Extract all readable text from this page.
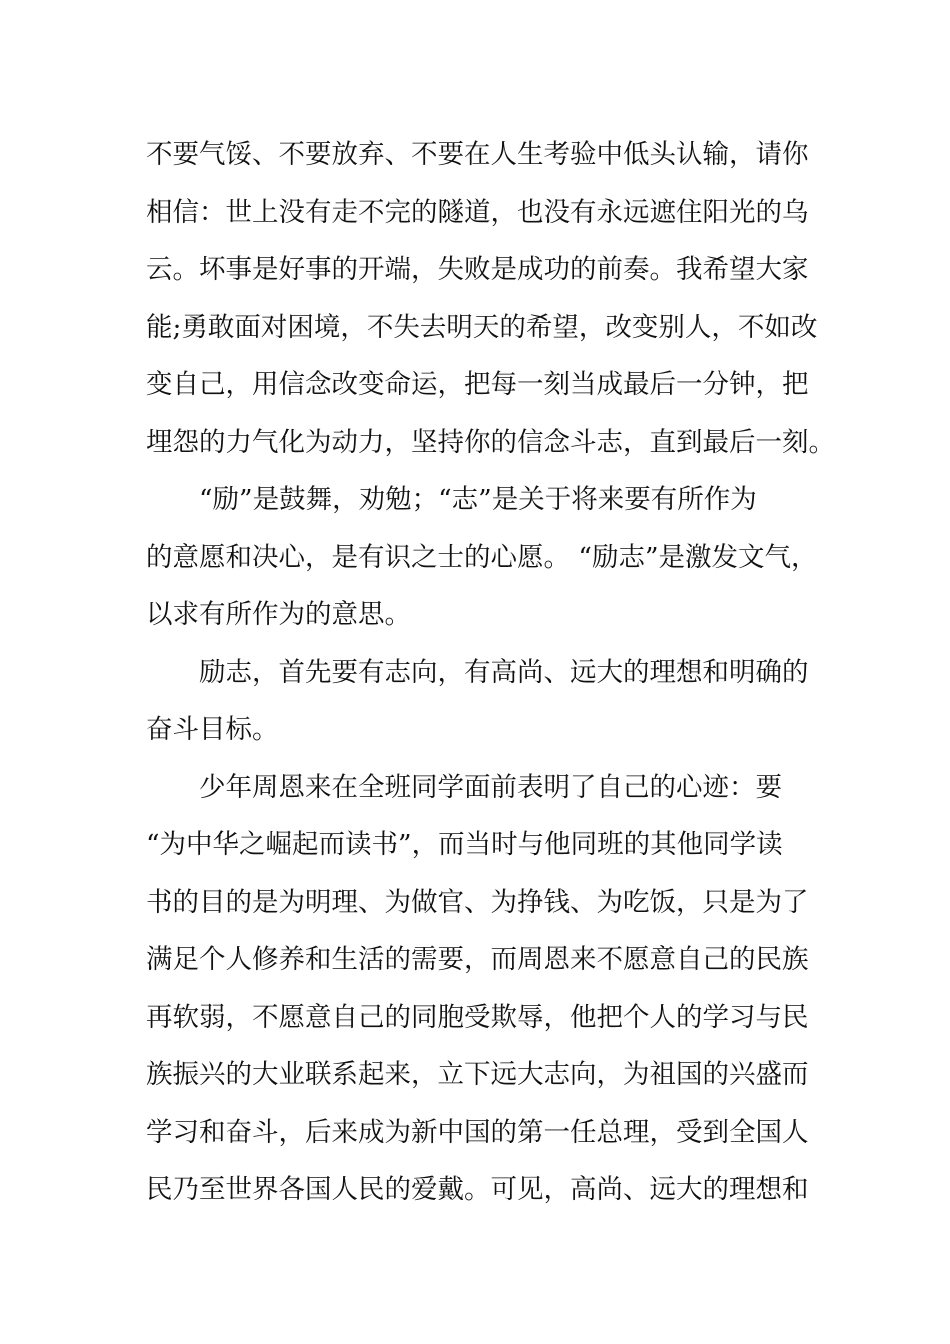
不要气馁、不要放弃、不要在人生考验中低头认输，请你
相信：世上没有走不完的隧道，也没有永远遮住阳光的乌
云。坏事是好事的开端，失败是成功的前奏。我希望大家
能;勇敢面对困境，不失去明天的希望，改变别人，不如改
变自己，用信念改变命运，把每一刻当成最后一分钟，把
埋怨的力气化为动力，坚持你的信念斗志，直到最后一刻。
“励”是鼓舞，劝勉；“志”是关于将来要有所作为
的意愿和决心，是有识之士的心愿。 “励志”是激发文气，
以求有所作为的意思。
励志，首先要有志向，有高尚、远大的理想和明确的
奋斗目标。
少年周恩来在全班同学面前表明了自己的心迹：要
“为中华之崛起而读书”，而当时与他同班的其他同学读
书的目的是为明理、为做官、为挣钱、为吃饭，只是为了
满足个人修养和生活的需要，而周恩来不愿意自己的民族
再软弱，不愿意自己的同胞受欺辱，他把个人的学习与民
族振兴的大业联系起来，立下远大志向，为祖国的兴盛而
学习和奋斗，后来成为新中国的第一任总理，受到全国人
民乃至世界各国人民的爱戴。可见，高尚、远大的理想和
